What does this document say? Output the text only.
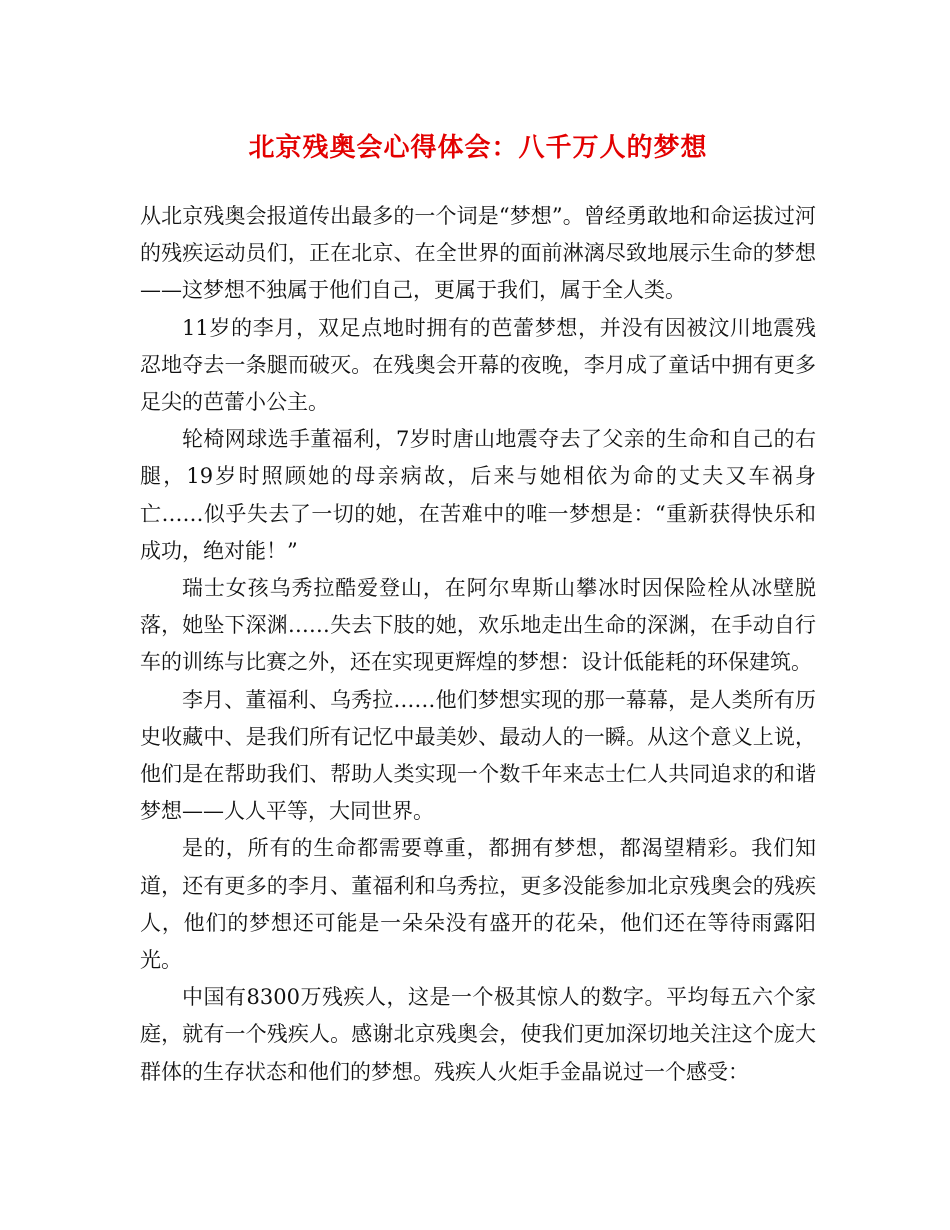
北京残奥会心得体会：八千万人的梦想

从北京残奥会报道传出最多的一个词是“梦想”。曾经勇敢地和命运拔过河的残疾运动员们，正在北京、在全世界的面前淋漓尽致地展示生命的梦想——这梦想不独属于他们自己，更属于我们，属于全人类。

11岁的李月，双足点地时拥有的芭蕾梦想，并没有因被汶川地震残忍地夺去一条腿而破灭。在残奥会开幕的夜晚，李月成了童话中拥有更多足尖的芭蕾小公主。

轮椅网球选手董福利，7岁时唐山地震夺去了父亲的生命和自己的右腿，19岁时照顾她的母亲病故，后来与她相依为命的丈夫又车祸身亡……似乎失去了一切的她，在苦难中的唯一梦想是：“重新获得快乐和成功，绝对能！”

瑞士女孩乌秀拉酷爱登山，在阿尔卑斯山攀冰时因保险栓从冰壁脱落，她坠下深渊……失去下肢的她，欢乐地走出生命的深渊，在手动自行车的训练与比赛之外，还在实现更辉煌的梦想：设计低能耗的环保建筑。

李月、董福利、乌秀拉……他们梦想实现的那一幕幕，是人类所有历史收藏中、是我们所有记忆中最美妙、最动人的一瞬。从这个意义上说，他们是在帮助我们、帮助人类实现一个数千年来志士仁人共同追求的和谐梦想——人人平等，大同世界。

是的，所有的生命都需要尊重，都拥有梦想，都渴望精彩。我们知道，还有更多的李月、董福利和乌秀拉，更多没能参加北京残奥会的残疾人，他们的梦想还可能是一朵朵没有盛开的花朵，他们还在等待雨露阳光。

中国有8300万残疾人，这是一个极其惊人的数字。平均每五六个家庭，就有一个残疾人。感谢北京残奥会，使我们更加深切地关注这个庞大群体的生存状态和他们的梦想。残疾人火炬手金晶说过一个感受：
